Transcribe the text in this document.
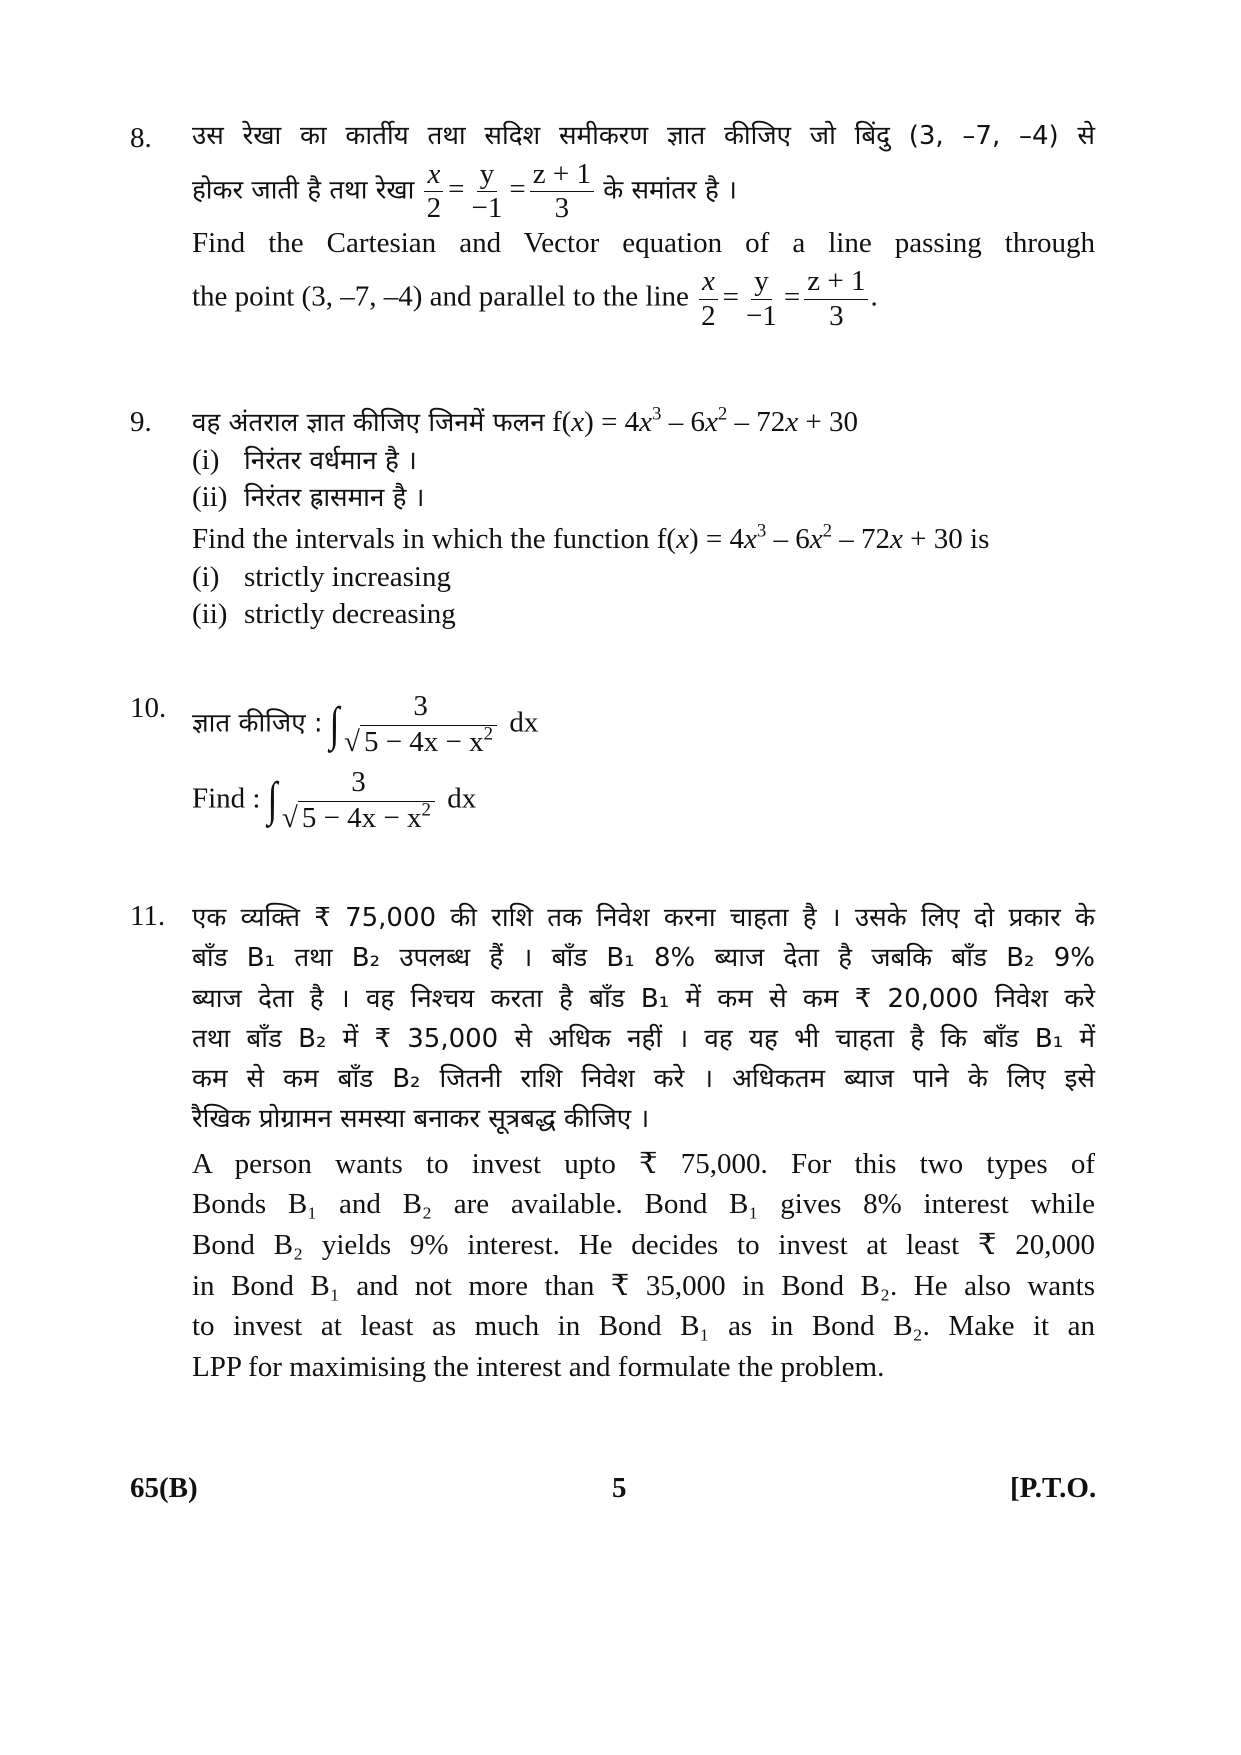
8. उस रेखा का कार्तीय तथा सदिश समीकरण ज्ञात कीजिए जो बिंदु (3, –7, –4) से
होकर जाती है तथा रेखा $\frac{x}{2} = \frac{y}{-1} = \frac{z + 1}{3}$ के समांतर है ।
Find the Cartesian and Vector equation of a line passing through
the point (3, –7, –4) and parallel to the line $\frac{x}{2} = \frac{y}{-1} = \frac{z + 1}{3}$ .
9. वह अंतराल ज्ञात कीजिए जिनमें फलन $f(x) = 4x^3 - 6x^2 - 72x + 30$
(i) निरंतर वर्धमान है ।
(ii) निरंतर ह्रासमान है ।
Find the intervals in which the function $f(x) = 4x^3 - 6x^2 - 72x + 30$ is
(i) strictly increasing
(ii) strictly decreasing
10. ज्ञात कीजिए : ∫ $\frac{3}{√ 5 - 4x - x^2}$ dx
Find : ∫ $\frac{3}{√ 5 - 4x - x^2}$ dx
11. एक व्यक्ति ₹ 75,000 की राशि तक निवेश करना चाहता है । उसके लिए दो प्रकार के
बाँड B₁ तथा B₂ उपलब्ध हैं । बाँड B₁ 8% ब्याज देता है जबकि बाँड B₂ 9%
ब्याज देता है । वह निश्चय करता है बाँड B₁ में कम से कम ₹ 20,000 निवेश करे
तथा बाँड B₂ में ₹ 35,000 से अधिक नहीं । वह यह भी चाहता है कि बाँड B₁ में
कम से कम बाँड B₂ जितनी राशि निवेश करे । अधिकतम ब्याज पाने के लिए इसे
रैखिक प्रोग्रामन समस्या बनाकर सूत्रबद्ध कीजिए ।
A person wants to invest upto ₹ 75,000. For this two types of
Bonds B₁ and B₂ are available. Bond B₁ gives 8% interest while
Bond B₂ yields 9% interest. He decides to invest at least ₹ 20,000
in Bond B₁ and not more than ₹ 35,000 in Bond B₂. He also wants
to invest at least as much in Bond B₁ as in Bond B₂. Make it an
LPP for maximising the interest and formulate the problem.
65(B)	5	[P.T.O.
